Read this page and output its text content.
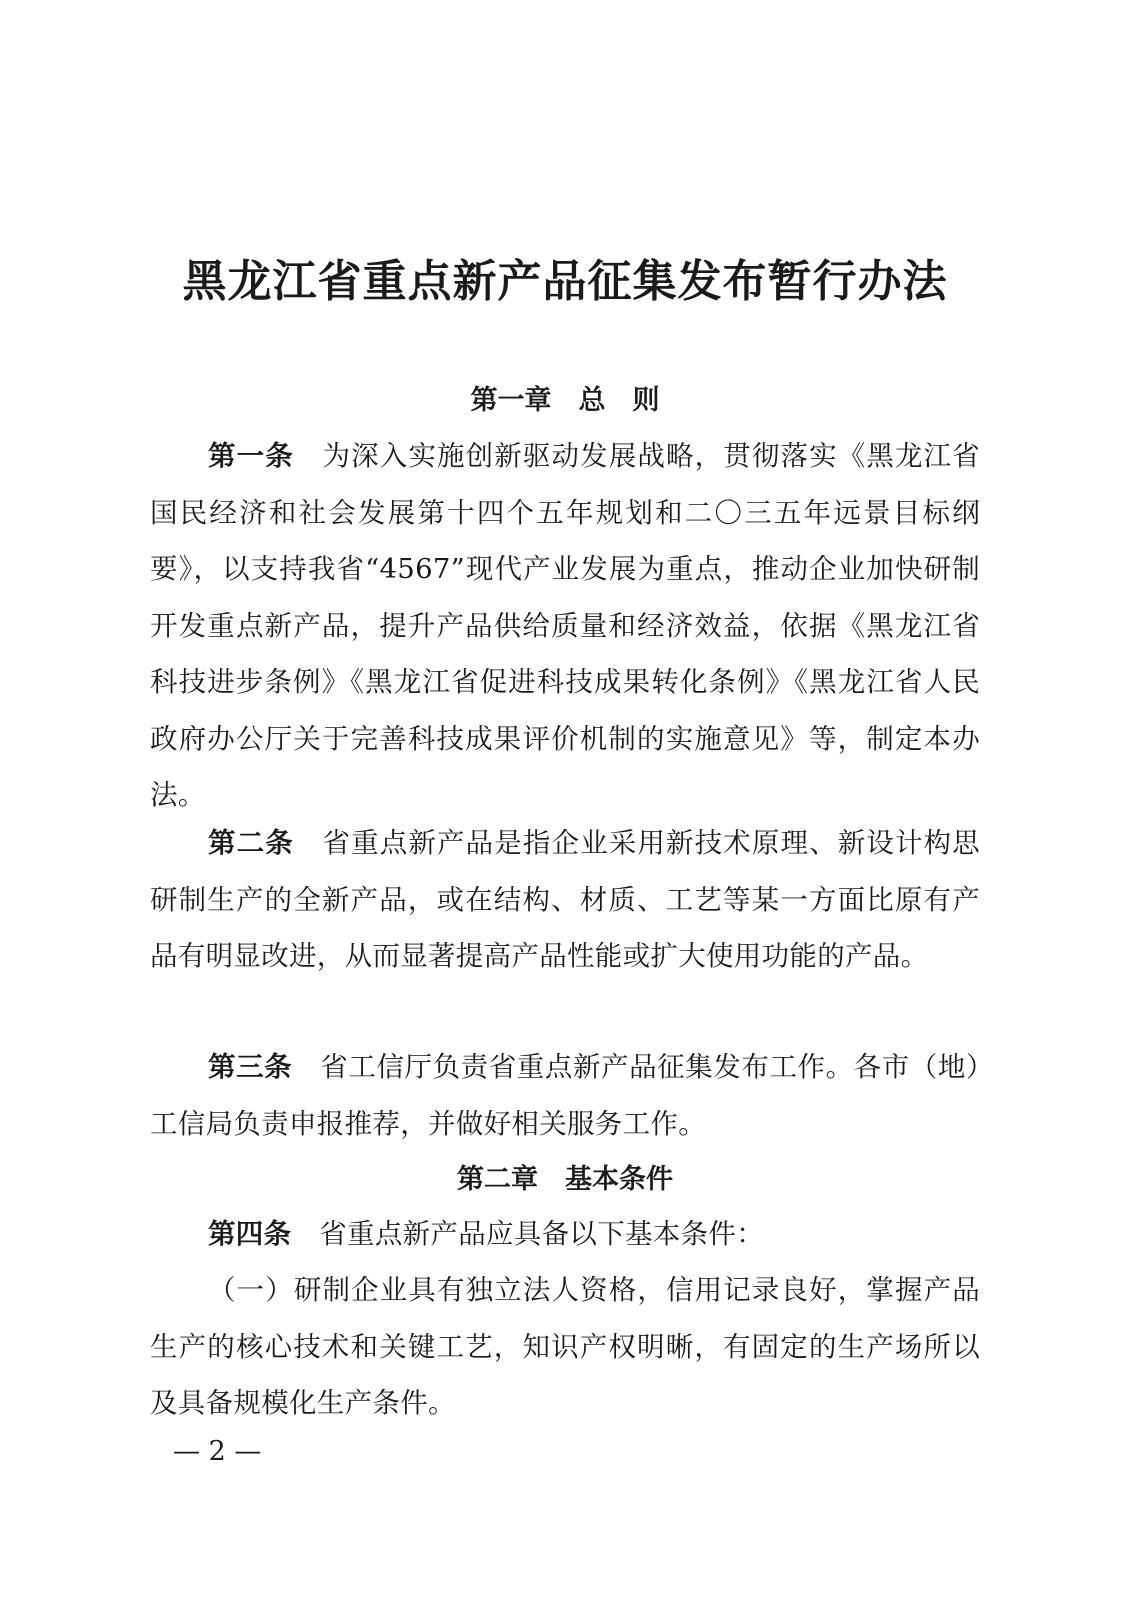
黑龙江省重点新产品征集发布暂行办法
第一章　总　则

第一条　 为深入实施创新驱动发展战略，贯彻落实《黑龙江省国民经济和社会发展第十四个五年规划和二〇三五年远景目标纲要》，以支持我省“4567”现代产业发展为重点，推动企业加快研制开发重点新产品，提升产品供给质量和经济效益，依据《黑龙江省科技进步条例》《黑龙江省促进科技成果转化条例》《黑龙江省人民政府办公厅关于完善科技成果评价机制的实施意见》等，制定本办法。

第二条　 省重点新产品是指企业采用新技术原理、新设计构思研制生产的全新产品，或在结构、材质、工艺等某一方面比原有产品有明显改进，从而显著提高产品性能或扩大使用功能的产品。

第三条　 省工信厅负责省重点新产品征集发布工作。各市（地）工信局负责申报推荐，并做好相关服务工作。

第二章　基本条件

第四条　 省重点新产品应具备以下基本条件：

（一）研制企业具有独立法人资格，信用记录良好，掌握产品生产的核心技术和关键工艺，知识产权明晰，有固定的生产场所以及具备规模化生产条件。

— 2 —
